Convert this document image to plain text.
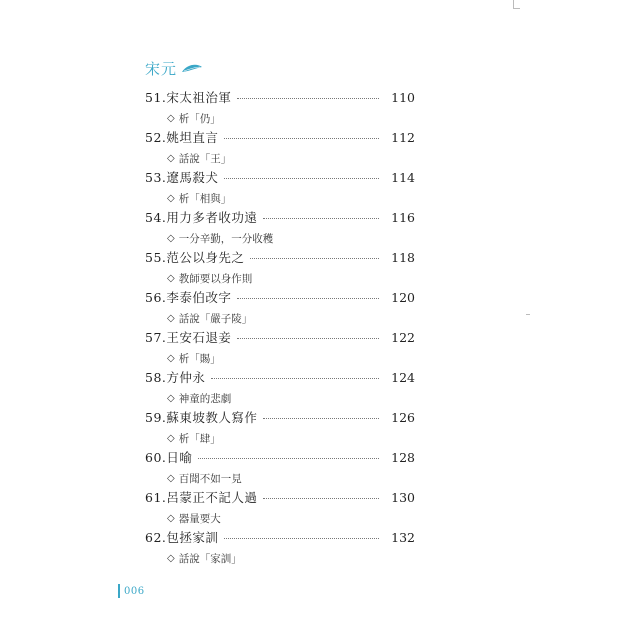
宋元
51.宋太祖治軍	110
◇ 析「仍」
52.姚坦直言	112
◇ 話說「王」
53.遼馬殺犬	114
◇ 析「相與」
54.用力多者收功遠	116
◇ 一分辛勤，一分收穫
55.范公以身先之	118
◇ 教師要以身作則
56.李泰伯改字	120
◇ 話說「嚴子陵」
57.王安石退妾	122
◇ 析「賜」
58.方仲永	124
◇ 神童的悲劇
59.蘇東坡教人寫作	126
◇ 析「肆」
60.日喻	128
◇ 百聞不如一見
61.呂蒙正不記人過	130
◇ 器量要大
62.包拯家訓	132
◇ 話說「家訓」
006
